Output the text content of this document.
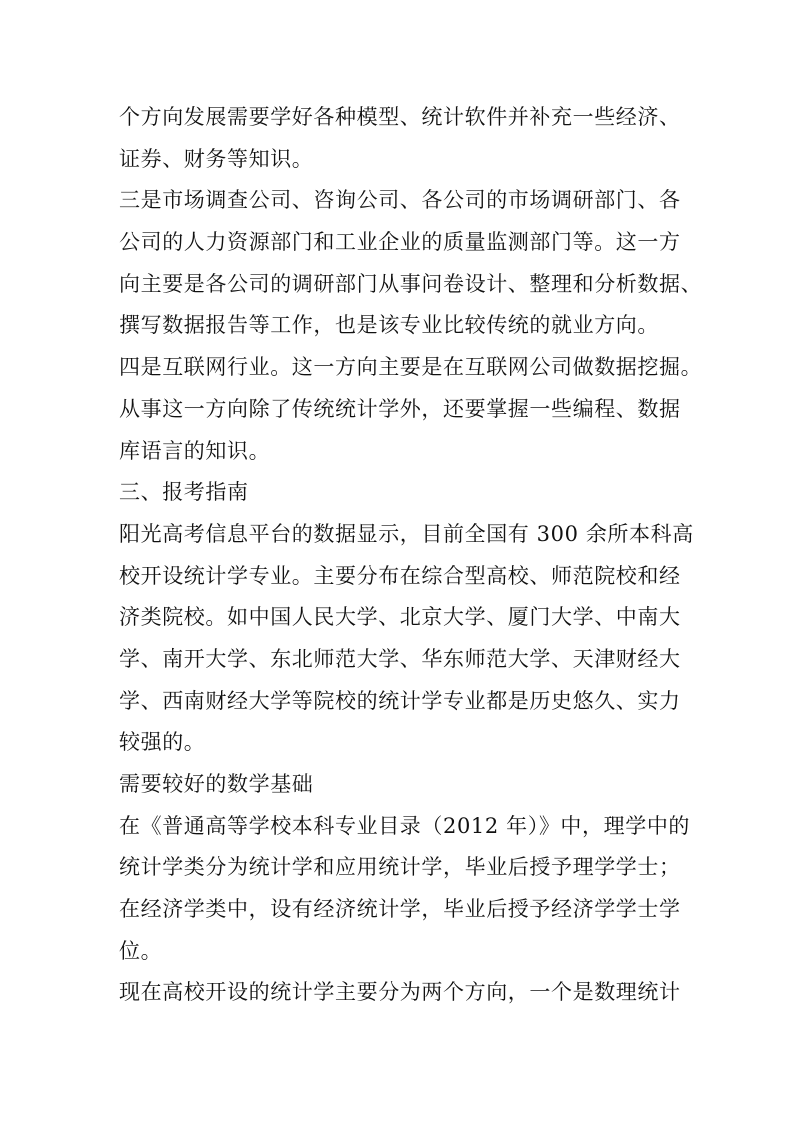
个方向发展需要学好各种模型、统计软件并补充一些经济、
证券、财务等知识。
三是市场调查公司、咨询公司、各公司的市场调研部门、各
公司的人力资源部门和工业企业的质量监测部门等。这一方
向主要是各公司的调研部门从事问卷设计、整理和分析数据、
撰写数据报告等工作，也是该专业比较传统的就业方向。
四是互联网行业。这一方向主要是在互联网公司做数据挖掘。
从事这一方向除了传统统计学外，还要掌握一些编程、数据
库语言的知识。
三、报考指南
阳光高考信息平台的数据显示，目前全国有 300 余所本科高
校开设统计学专业。主要分布在综合型高校、师范院校和经
济类院校。如中国人民大学、北京大学、厦门大学、中南大
学、南开大学、东北师范大学、华东师范大学、天津财经大
学、西南财经大学等院校的统计学专业都是历史悠久、实力
较强的。
需要较好的数学基础
在《普通高等学校本科专业目录（2012 年）》中，理学中的
统计学类分为统计学和应用统计学，毕业后授予理学学士；
在经济学类中，设有经济统计学，毕业后授予经济学学士学
位。
现在高校开设的统计学主要分为两个方向，一个是数理统计
